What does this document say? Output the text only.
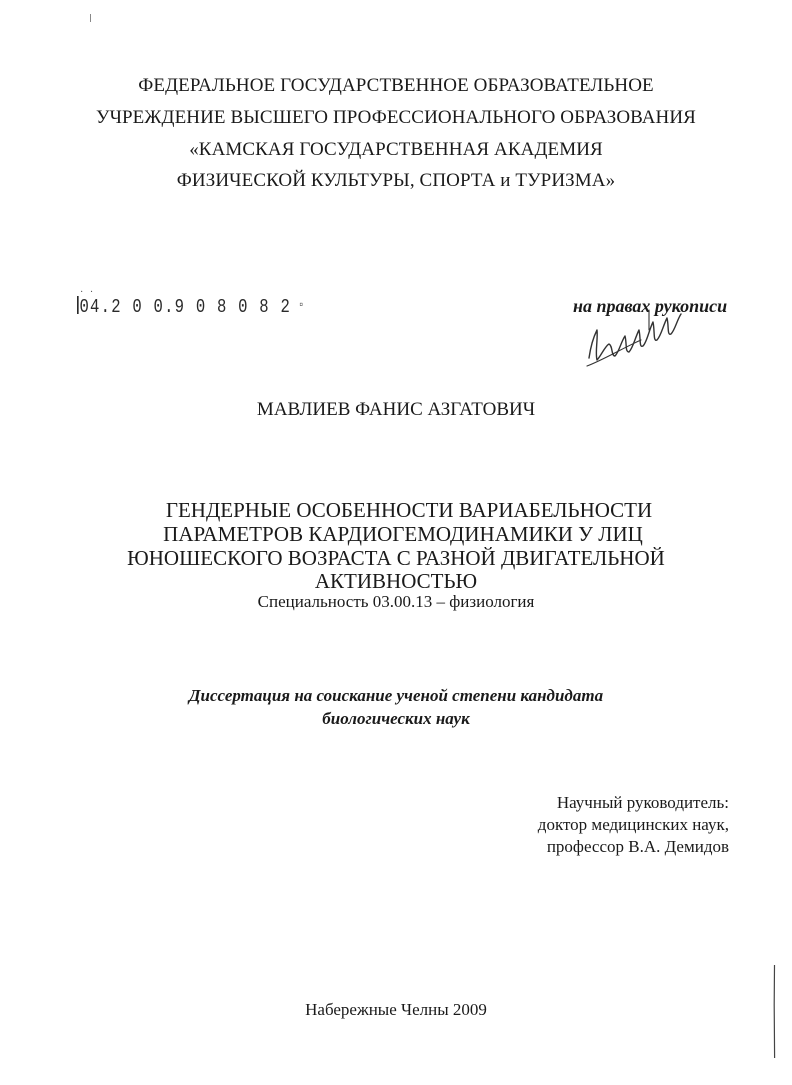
ФЕДЕРАЛЬНОЕ ГОСУДАРСТВЕННОЕ ОБРАЗОВАТЕЛЬНОЕ
УЧРЕЖДЕНИЕ ВЫСШЕГО ПРОФЕССИОНАЛЬНОГО ОБРАЗОВАНИЯ
«КАМСКАЯ ГОСУДАРСТВЕННАЯ АКАДЕМИЯ
ФИЗИЧЕСКОЙ КУЛЬТУРЫ, СПОРТА и ТУРИЗМА»
· ·
04.2 0 0.9 0 8 0 8 2 ▫	на правах рукописи
МАВЛИЕВ ФАНИС АЗГАТОВИЧ
ГЕНДЕРНЫЕ ОСОБЕННОСТИ ВАРИАБЕЛЬНОСТИ
ПАРАМЕТРОВ КАРДИОГЕМОДИНАМИКИ У ЛИЦ
ЮНОШЕСКОГО ВОЗРАСТА С РАЗНОЙ ДВИГАТЕЛЬНОЙ
АКТИВНОСТЬЮ
Специальность 03.00.13 – физиология
Диссертация на соискание ученой степени кандидата
биологических наук
Научный руководитель:
доктор медицинских наук,
профессор В.А. Демидов
Набережные Челны 2009
